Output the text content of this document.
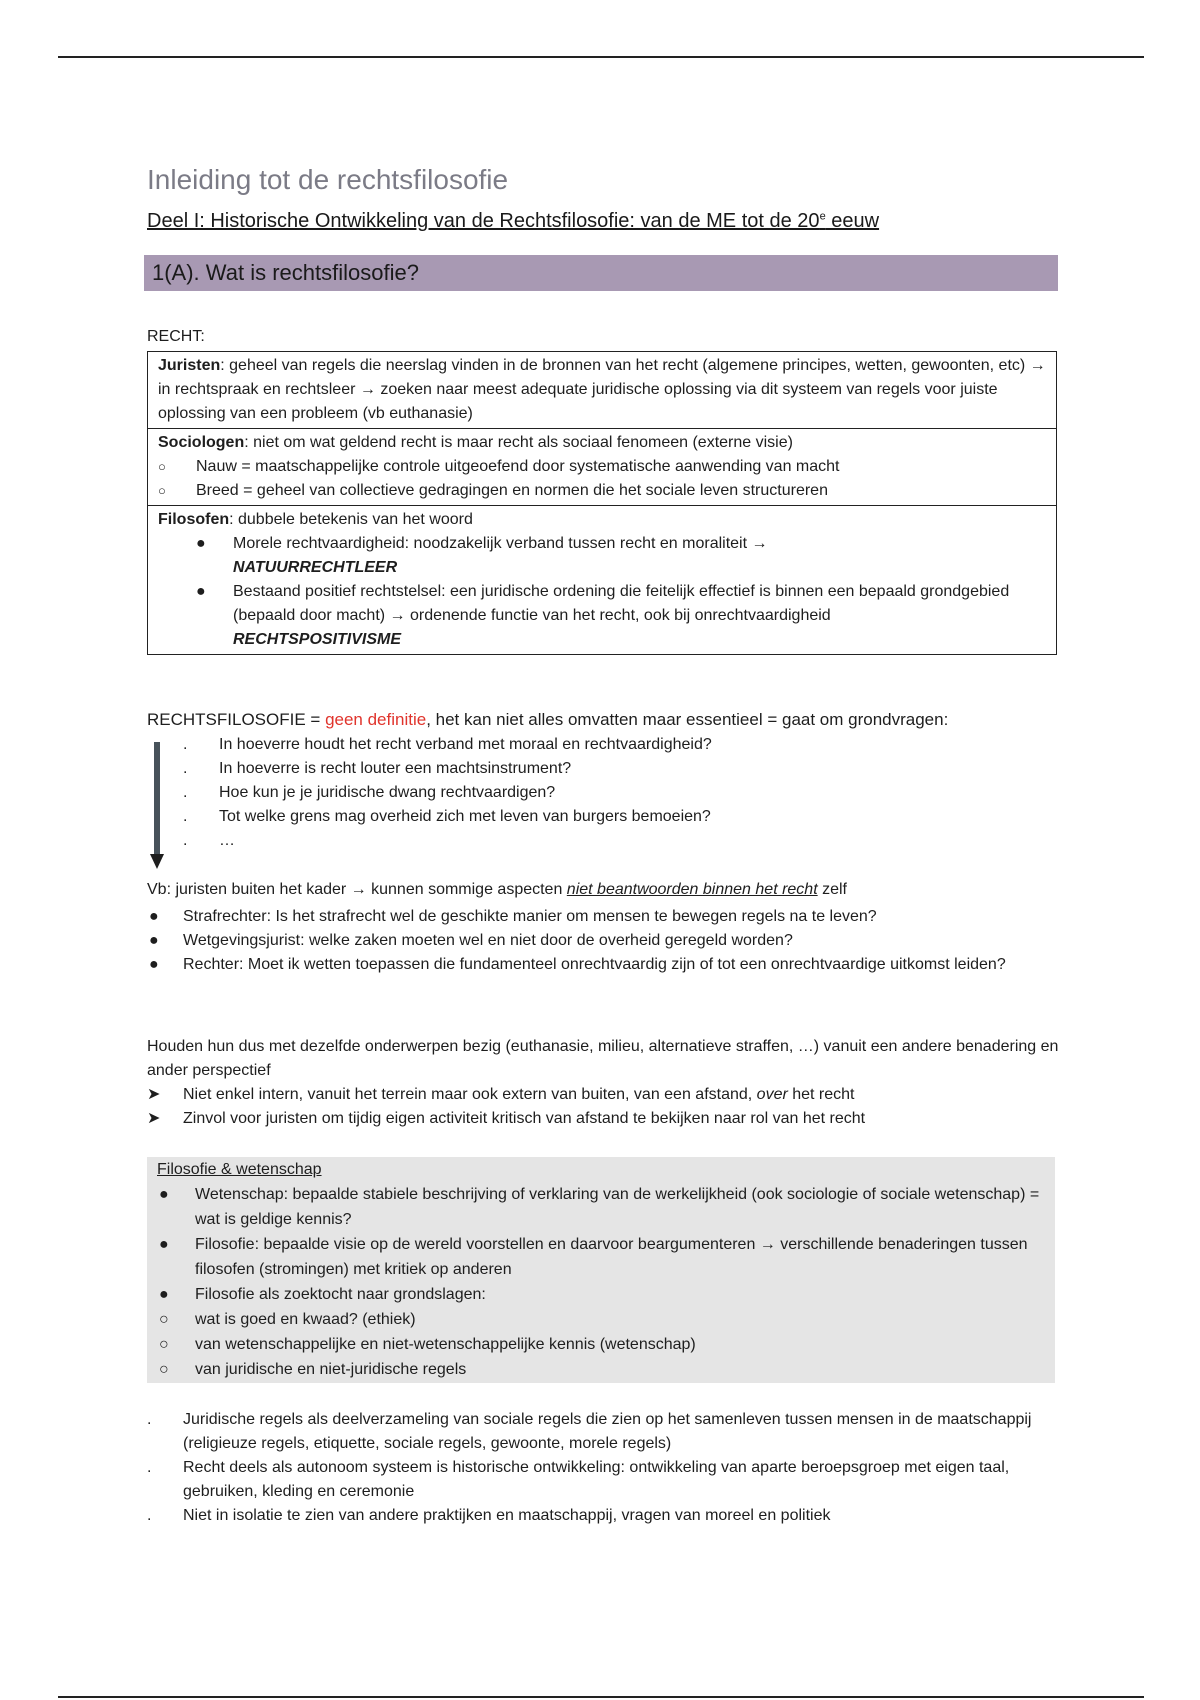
Inleiding tot de rechtsfilosofie
Deel I: Historische Ontwikkeling van de Rechtsfilosofie: van de ME tot de 20e eeuw
1(A). Wat is rechtsfilosofie?
RECHT:
Juristen: geheel van regels die neerslag vinden in de bronnen van het recht (algemene principes, wetten, gewoonten, etc) → in rechtspraak en rechtsleer → zoeken naar meest adequate juridische oplossing via dit systeem van regels voor juiste oplossing van een probleem (vb euthanasie)
Sociologen: niet om wat geldend recht is maar recht als sociaal fenomeen (externe visie)
○ Nauw = maatschappelijke controle uitgeoefend door systematische aanwending van macht
○ Breed = geheel van collectieve gedragingen en normen die het sociale leven structureren
Filosofen: dubbele betekenis van het woord
● Morele rechtvaardigheid: noodzakelijk verband tussen recht en moraliteit →
NATUURRECHTLEER
● Bestaand positief rechtstelsel: een juridische ordening die feitelijk effectief is binnen een bepaald grondgebied (bepaald door macht) → ordenende functie van het recht, ook bij onrechtvaardigheid
RECHTSPOSITIVISME
RECHTSFILOSOFIE = geen definitie, het kan niet alles omvatten maar essentieel = gaat om grondvragen:
. In hoeverre houdt het recht verband met moraal en rechtvaardigheid?
. In hoeverre is recht louter een machtsinstrument?
. Hoe kun je je juridische dwang rechtvaardigen?
. Tot welke grens mag overheid zich met leven van burgers bemoeien?
. …
Vb: juristen buiten het kader → kunnen sommige aspecten niet beantwoorden binnen het recht zelf
● Strafrechter: Is het strafrecht wel de geschikte manier om mensen te bewegen regels na te leven?
● Wetgevingsjurist: welke zaken moeten wel en niet door de overheid geregeld worden?
● Rechter: Moet ik wetten toepassen die fundamenteel onrechtvaardig zijn of tot een onrechtvaardige uitkomst leiden?
Houden hun dus met dezelfde onderwerpen bezig (euthanasie, milieu, alternatieve straffen, …) vanuit een andere benadering en ander perspectief
➤ Niet enkel intern, vanuit het terrein maar ook extern van buiten, van een afstand, over het recht
➤ Zinvol voor juristen om tijdig eigen activiteit kritisch van afstand te bekijken naar rol van het recht
Filosofie & wetenschap
● Wetenschap: bepaalde stabiele beschrijving of verklaring van de werkelijkheid (ook sociologie of sociale wetenschap) = wat is geldige kennis?
● Filosofie: bepaalde visie op de wereld voorstellen en daarvoor beargumenteren → verschillende benaderingen tussen filosofen (stromingen) met kritiek op anderen
● Filosofie als zoektocht naar grondslagen:
○ wat is goed en kwaad? (ethiek)
○ van wetenschappelijke en niet-wetenschappelijke kennis (wetenschap)
○ van juridische en niet-juridische regels
. Juridische regels als deelverzameling van sociale regels die zien op het samenleven tussen mensen in de maatschappij (religieuze regels, etiquette, sociale regels, gewoonte, morele regels)
. Recht deels als autonoom systeem is historische ontwikkeling: ontwikkeling van aparte beroepsgroep met eigen taal, gebruiken, kleding en ceremonie
. Niet in isolatie te zien van andere praktijken en maatschappij, vragen van moreel en politiek
